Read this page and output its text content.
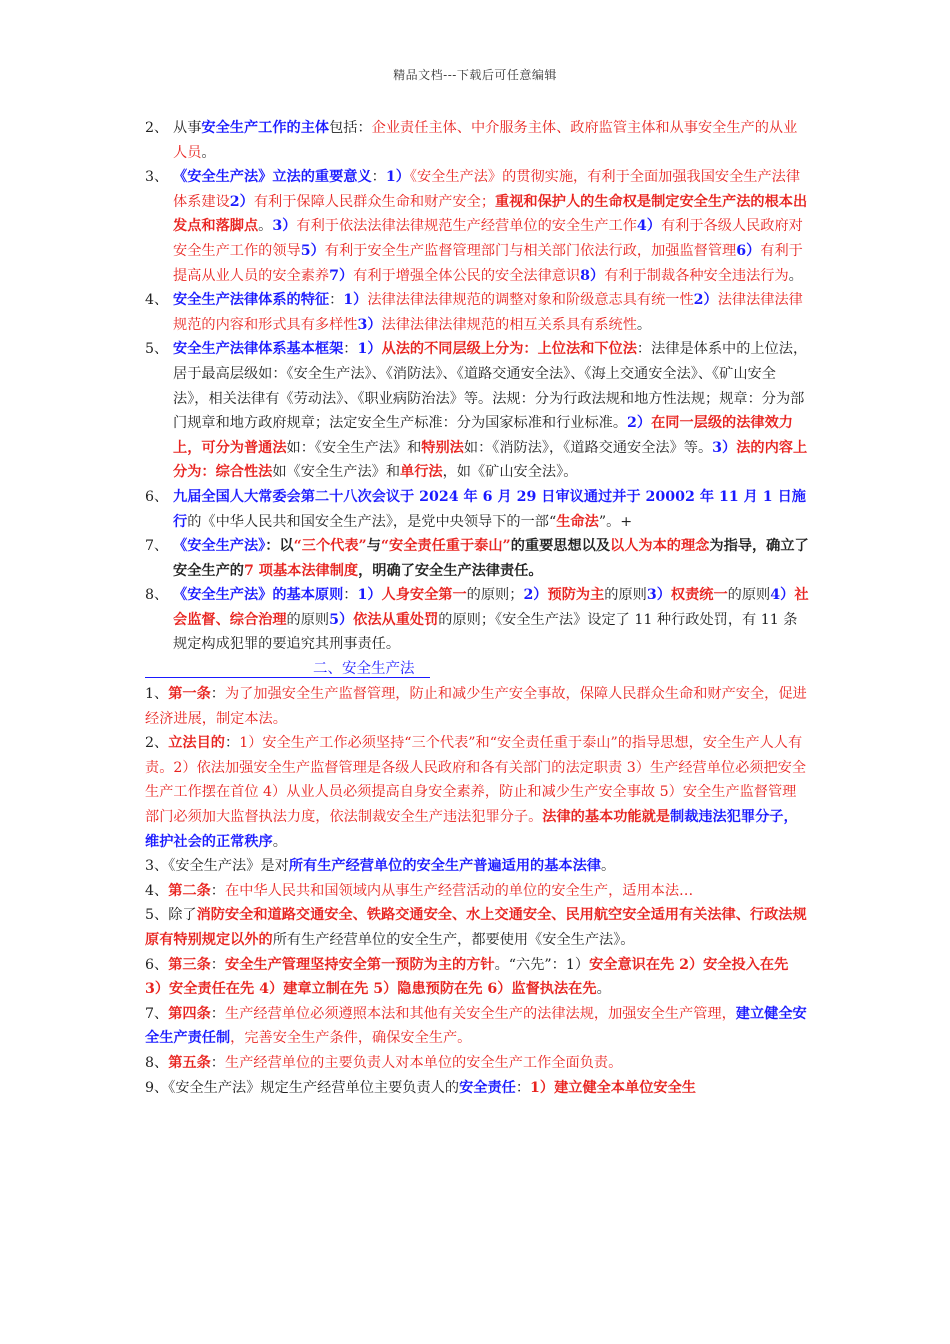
精品文档---下载后可任意编辑

2、 从事安全生产工作的主体包括：企业责任主体、中介服务主体、政府监管主体和从事安全生产的从业人员。

3、 《安全生产法》立法的重要意义：1）《安全生产法》的贯彻实施，有利于全面加强我国安全生产法律体系建设2）有利于保障人民群众生命和财产安全；重视和保护人的生命权是制定安全生产法的根本出发点和落脚点。3）有利于依法法律法律规范生产经营单位的安全生产工作4）有利于各级人民政府对安全生产工作的领导5）有利于安全生产监督管理部门与相关部门依法行政，加强监督管理6）有利于提高从业人员的安全素养7）有利于增强全体公民的安全法律意识8）有利于制裁各种安全违法行为。

4、 安全生产法律体系的特征：1）法律法律法律规范的调整对象和阶级意志具有统一性2）法律法律法律规范的内容和形式具有多样性3）法律法律法律规范的相互关系具有系统性。

5、 安全生产法律体系基本框架：1）从法的不同层级上分为：上位法和下位法：法律是体系中的上位法，居于最高层级如：《安全生产法》、《消防法》、《道路交通安全法》、《海上交通安全法》、《矿山安全法》，相关法律有《劳动法》、《职业病防治法》等。法规：分为行政法规和地方性法规；规章：分为部门规章和地方政府规章；法定安全生产标准：分为国家标准和行业标准。2）在同一层级的法律效力上，可分为普通法如：《安全生产法》和特别法如：《消防法》，《道路交通安全法》等。3）法的内容上分为：综合性法如《安全生产法》和单行法，如《矿山安全法》。

6、 九届全国人大常委会第二十八次会议于 2024 年 6 月 29 日审议通过并于 20002 年 11 月 1 日施行的《中华人民共和国安全生产法》，是党中央领导下的一部“生命法”。+

7、 《安全生产法》：以“三个代表”与“安全责任重于泰山”的重要思想以及以人为本的理念为指导，确立了安全生产的7 项基本法律制度，明确了安全生产法律责任。

8、 《安全生产法》的基本原则：1）人身安全第一的原则；2）预防为主的原则3）权责统一的原则4）社会监督、综合治理的原则5）依法从重处罚的原则；《安全生产法》设定了 11 种行政处罚，有 11 条规定构成犯罪的要追究其刑事责任。

二、安全生产法

1、第一条：为了加强安全生产监督管理，防止和减少生产安全事故，保障人民群众生命和财产安全，促进经济进展，制定本法。

2、立法目的：1）安全生产工作必须坚持“三个代表”和“安全责任重于泰山”的指导思想，安全生产人人有责。2）依法加强安全生产监督管理是各级人民政府和各有关部门的法定职责 3）生产经营单位必须把安全生产工作摆在首位 4）从业人员必须提高自身安全素养，防止和减少生产安全事故 5）安全生产监督管理部门必须加大监督执法力度，依法制裁安全生产违法犯罪分子。法律的基本功能就是制裁违法犯罪分子，维护社会的正常秩序。

3、《安全生产法》是对所有生产经营单位的安全生产普遍适用的基本法律。

4、第二条：在中华人民共和国领域内从事生产经营活动的单位的安全生产，适用本法…

5、除了消防安全和道路交通安全、铁路交通安全、水上交通安全、民用航空安全适用有关法律、行政法规原有特别规定以外的所有生产经营单位的安全生产，都要使用《安全生产法》。

6、第三条：安全生产管理坚持安全第一预防为主的方针。“六先”：1）安全意识在先 2）安全投入在先 3）安全责任在先 4）建章立制在先 5）隐患预防在先 6）监督执法在先。

7、第四条：生产经营单位必须遵照本法和其他有关安全生产的法律法规，加强安全生产管理，建立健全安全生产责任制，完善安全生产条件，确保安全生产。

8、第五条：生产经营单位的主要负责人对本单位的安全生产工作全面负责。

9、《安全生产法》规定生产经营单位主要负责人的安全责任：1）建立健全本单位安全生
